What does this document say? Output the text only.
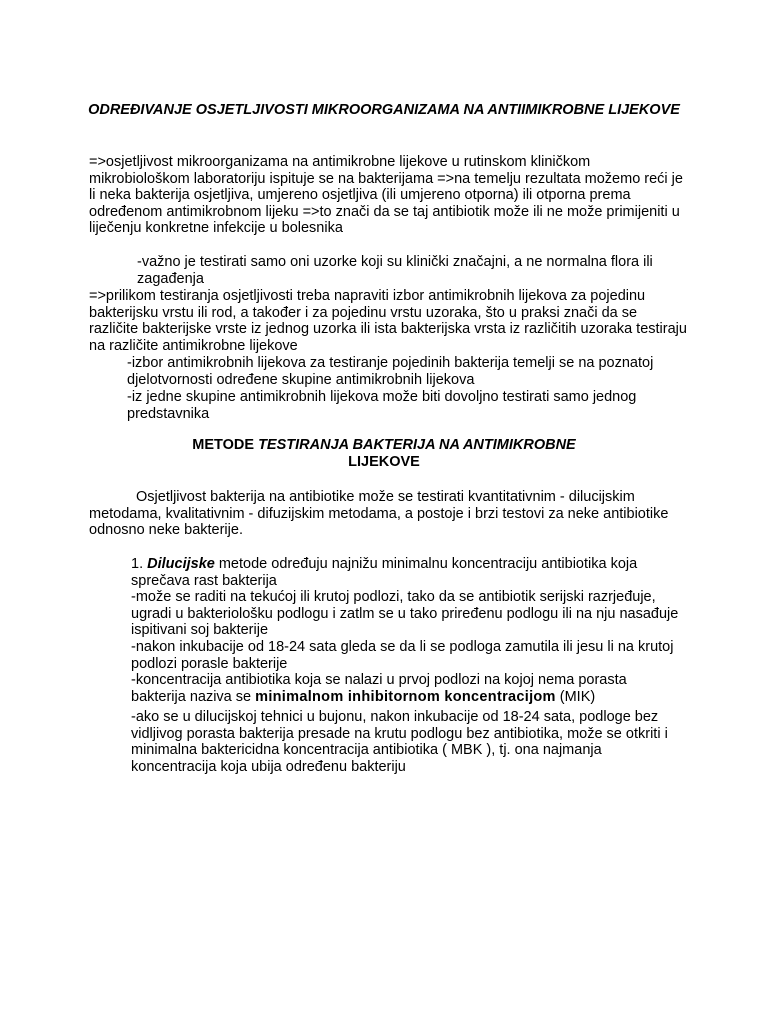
ODREĐIVANJE OSJETLJIVOSTI MIKROORGANIZAMA NA ANTIIMIKROBNE LIJEKOVE

=>osjetljivost mikroorganizama na antimikrobne lijekove u rutinskom kliničkom mikrobiološkom laboratoriju ispituje se na bakterijama =>na temelju rezultata možemo reći je li neka bakterija osjetljiva, umjereno osjetljiva (ili umjereno otporna) ili otporna prema određenom antimikrobnom lijeku =>to znači da se taj antibiotik može ili ne može primijeniti u liječenju konkretne infekcije u bolesnika

-važno je testirati samo oni uzorke koji su klinički značajni, a ne normalna flora ili zagađenja

=>prilikom testiranja osjetljivosti treba napraviti izbor antimikrobnih lijekova za pojedinu bakterijsku vrstu ili rod, a također i za pojedinu vrstu uzoraka, što u praksi znači da se različite bakterijske vrste iz jednog uzorka ili ista bakterijska vrsta iz različitih uzoraka testiraju na različite antimikrobne lijekove

-izbor antimikrobnih lijekova za testiranje pojedinih bakterija temelji se na poznatoj djelotvornosti određene skupine antimikrobnih lijekova

-iz jedne skupine antimikrobnih lijekova može biti dovoljno testirati samo jednog predstavnika

METODE TESTIRANJA BAKTERIJA NA ANTIMIKROBNE
LIJEKOVE

Osjetljivost bakterija na antibiotike može se testirati kvantitativnim - dilucijskim metodama, kvalitativnim - difuzijskim metodama, a postoje i brzi testovi za neke antibiotike odnosno neke bakterije.

1. Dilucijske metode određuju najnižu minimalnu koncentraciju antibiotika koja sprečava rast bakterija

-može se raditi na tekućoj ili krutoj podlozi, tako da se antibiotik serijski razrjeđuje, ugradi u bakteriološku podlogu i zatlm se u tako priređenu podlogu ili na nju nasađuje ispitivani soj bakterije

-nakon inkubacije od 18-24 sata gleda se da li se podloga zamutila ili jesu li na krutoj podlozi porasle bakterije

-koncentracija antibiotika koja se nalazi u prvoj podlozi na kojoj nema porasta bakterija naziva se minimalnom inhibitornom koncentracijom (MIK)

-ako se u dilucijskoj tehnici u bujonu, nakon inkubacije od 18-24 sata, podloge bez vidljivog porasta bakterija presade na krutu podlogu bez antibiotika, može se otkriti i minimalna baktericidna koncentracija antibiotika ( MBK ), tj. ona najmanja koncentracija koja ubija određenu bakteriju
